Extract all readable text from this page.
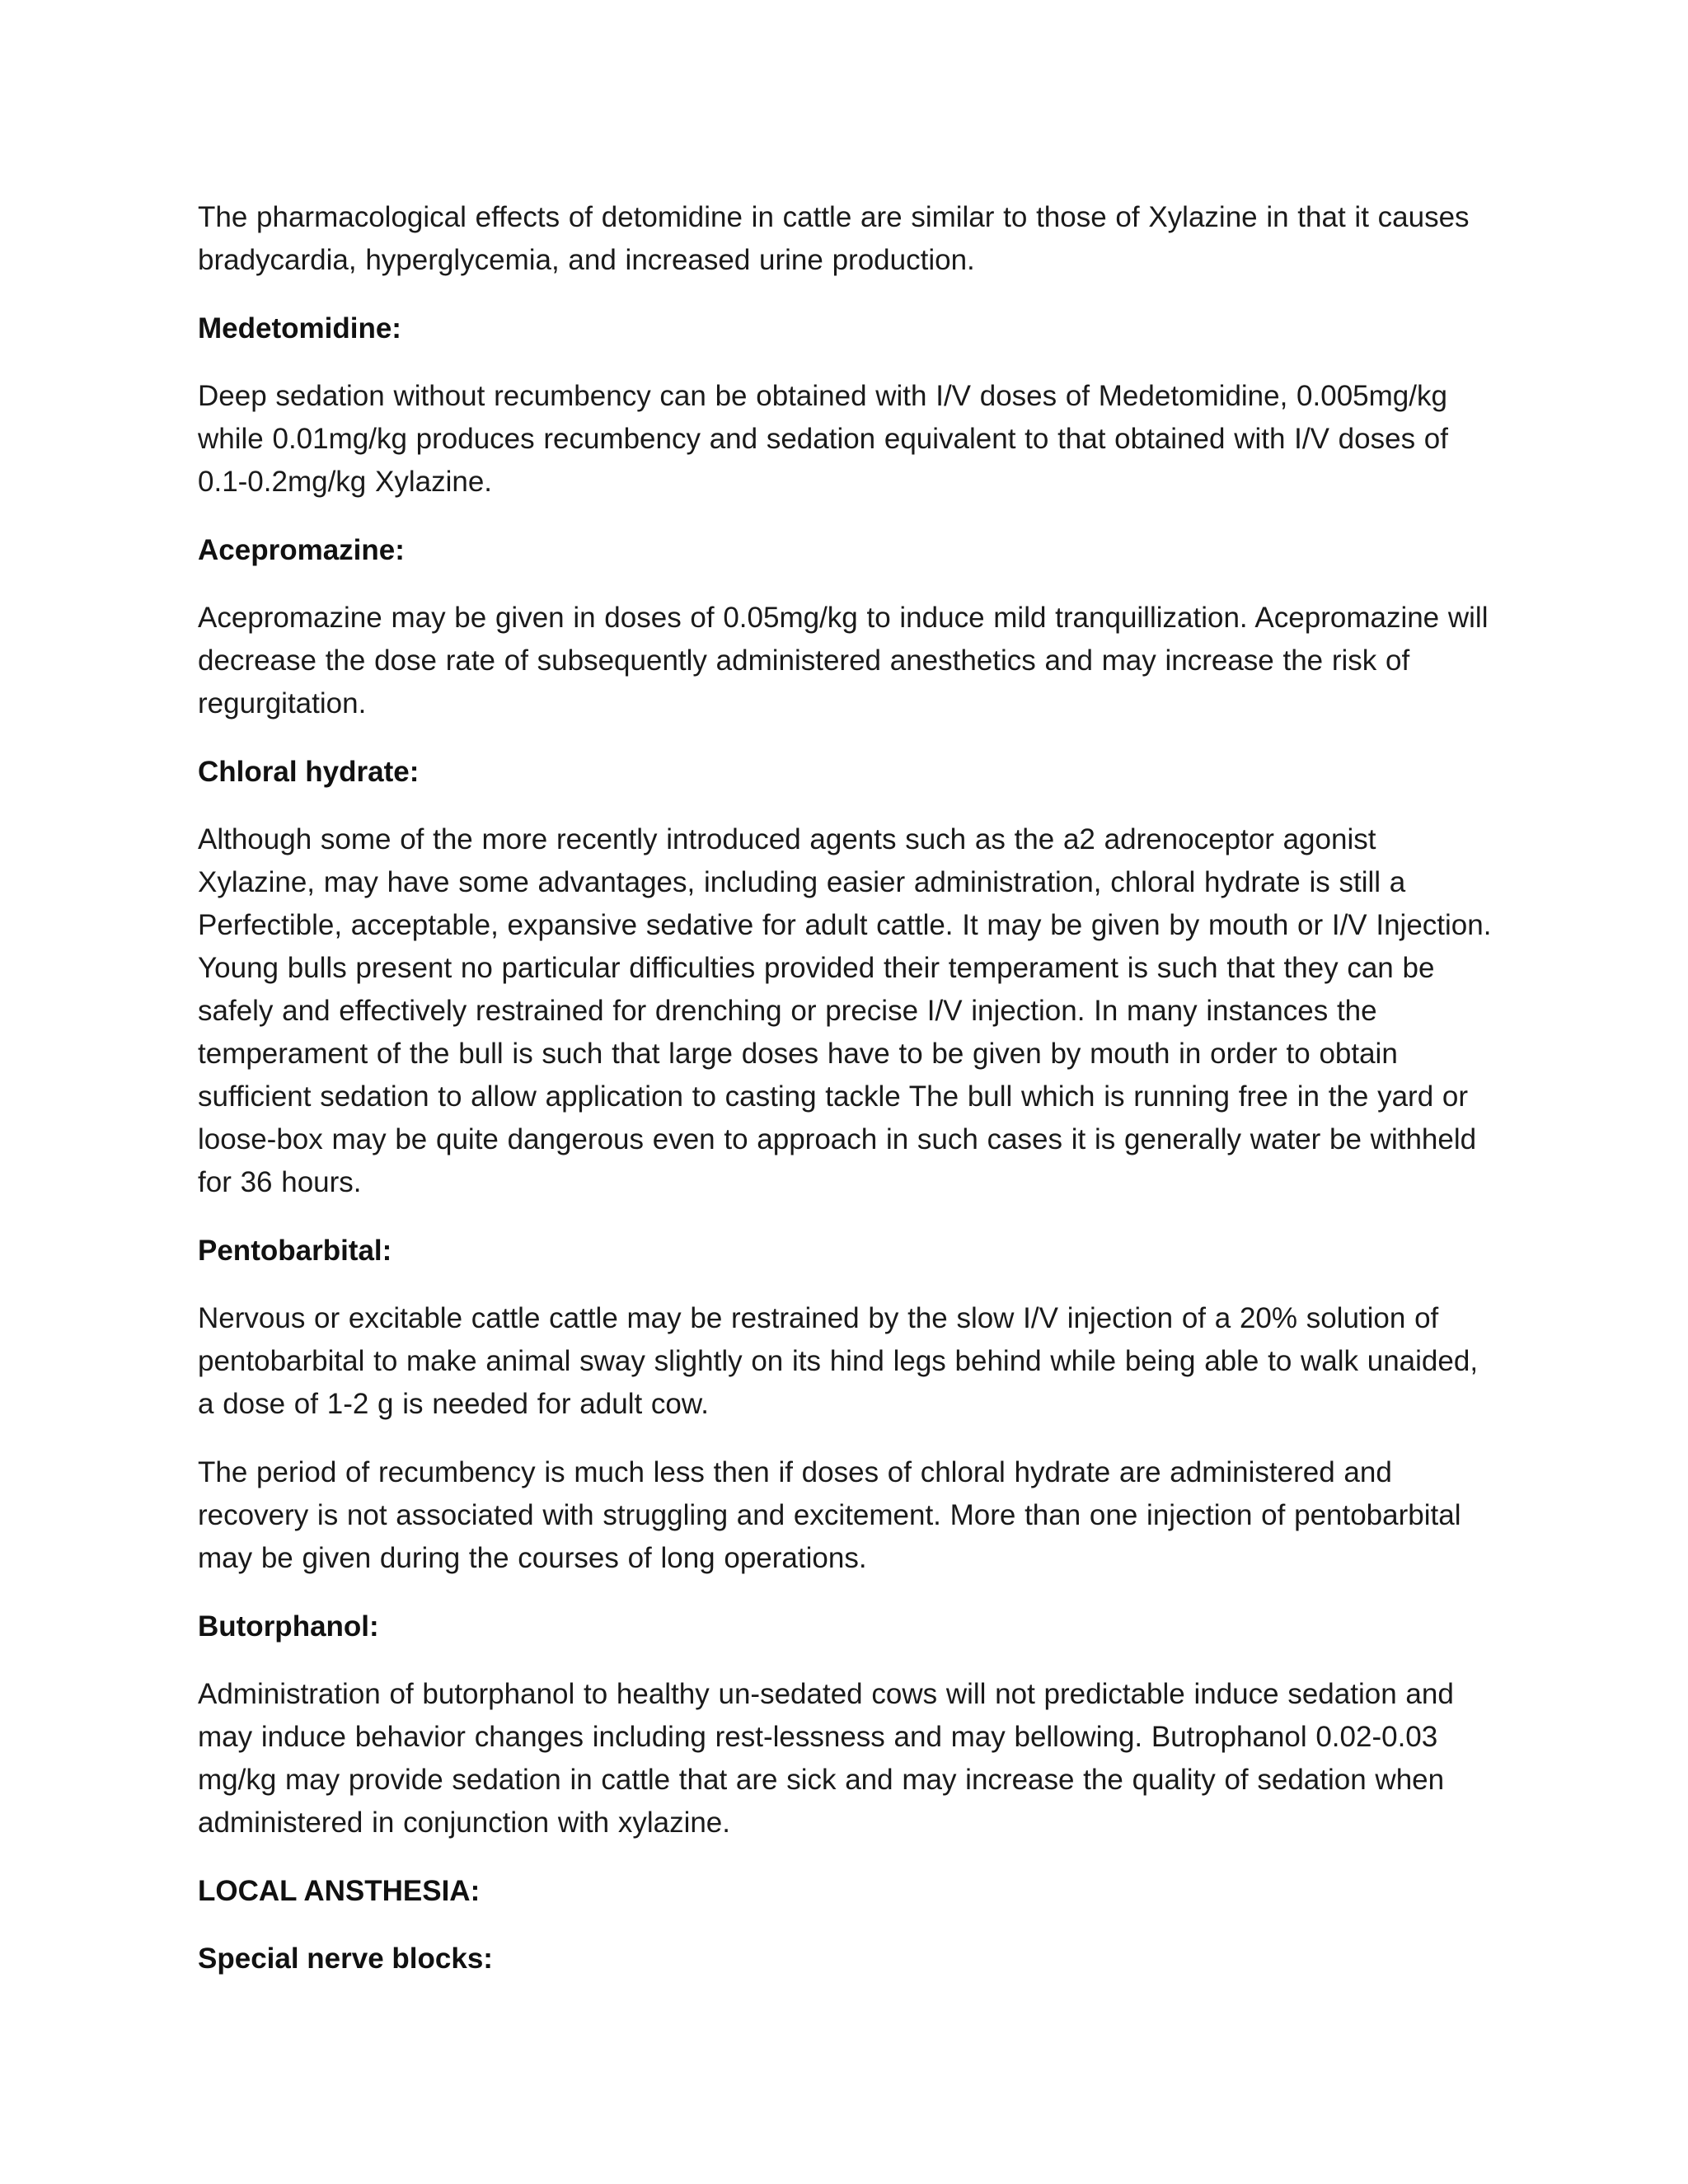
The pharmacological effects of detomidine in cattle are similar to those of Xylazine in that it causes bradycardia, hyperglycemia, and increased urine production.

Medetomidine:

Deep sedation without recumbency can be obtained with I/V doses of Medetomidine, 0.005mg/kg while 0.01mg/kg produces recumbency and sedation equivalent to that obtained with I/V doses of 0.1-0.2mg/kg Xylazine.

Acepromazine:

Acepromazine may be given in doses of 0.05mg/kg to induce mild tranquillization. Acepromazine will decrease the dose rate of subsequently administered anesthetics and may increase the risk of regurgitation.

Chloral hydrate:

Although some of the more recently introduced agents such as the a2 adrenoceptor agonist Xylazine, may have some advantages, including easier administration, chloral hydrate is still a Perfectible, acceptable, expansive sedative for adult cattle. It may be given by mouth or I/V Injection. Young bulls present no particular difficulties provided their temperament is such that they can be safely and effectively restrained for drenching or precise I/V injection. In many instances the temperament of the bull is such that large doses have to be given by mouth in order to obtain sufficient sedation to allow application to casting tackle The bull which is running free in the yard or loose-box may be quite dangerous even to approach in such cases it is generally water be withheld for 36 hours.

Pentobarbital:

Nervous or excitable cattle cattle may be restrained by the slow I/V injection of a 20% solution of pentobarbital to make animal sway slightly on its hind legs behind while being able to walk unaided, a dose of 1-2 g is needed for adult cow.

The period of recumbency is much less then if doses of chloral hydrate are administered and recovery is not associated with struggling and excitement. More than one injection of pentobarbital may be given during the courses of long operations.

Butorphanol:

Administration of butorphanol to healthy un-sedated cows will not predictable induce sedation and may induce behavior changes including rest-lessness and may bellowing. Butrophanol 0.02-0.03 mg/kg may provide sedation in cattle that are sick and may increase the quality of sedation when administered in conjunction with xylazine.

LOCAL ANSTHESIA:
Special nerve blocks:
